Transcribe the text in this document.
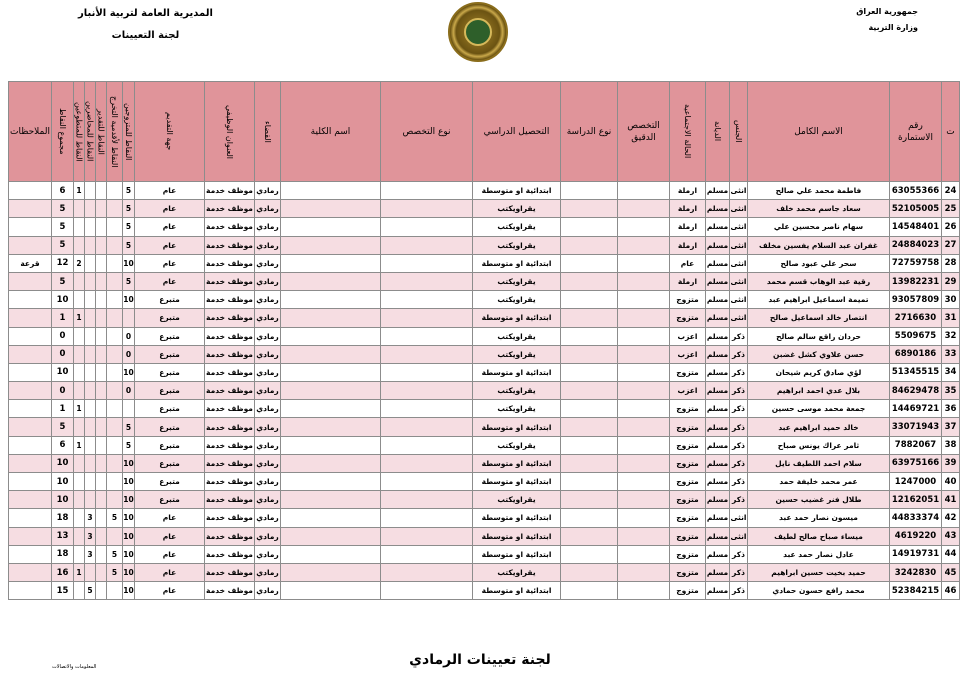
جمهورية العراق
وزارة التربية
المديرية العامة لتربية الأنبار
لجنة التعيينات
ت	رقم الاستمارة	الاسم الكامل	الجنس	الديانة	الحالة الاجتماعية	التخصص الدقيق	نوع الدراسة	التحصيل الدراسي	نوع التخصص	اسم الكلية	القضاء	العنوان الوظيفي	جهة التقديم	النقاط للمتزوجين	النقاط لأقدمية التخرج	النقاط للتقدير	النقاط للمحاضرين	النقاط للمتطوعين	مجموع النقاط	الملاحظات
24	63055366	فاطمة محمد علي صالح	انثى	مسلم	ارملة			ابتدائية او متوسطة			رمادي	موظف خدمة	عام	5				1	6	
25	52105005	سعاد جاسم محمد خلف	انثى	مسلم	ارملة			يقراويكتب			رمادي	موظف خدمة	عام	5					5	
26	14548401	سهام ناصر محسين علي	انثى	مسلم	ارملة			يقراويكتب			رمادي	موظف خدمة	عام	5					5	
27	24884023	غفران عبد السلام يفسين مخلف	انثى	مسلم	ارملة			يقراويكتب			رمادي	موظف خدمة	عام	5					5	
28	72759758	سحر علي عبود صالح	انثى	مسلم	عام			ابتدائية او متوسطة			رمادي	موظف خدمة	عام	10				2	12	قرعة
29	13982231	رقية عبد الوهاب قسم محمد	انثى	مسلم	ارملة			يقراويكتب			رمادي	موظف خدمة	عام	5					5	
30	93057809	تميمة اسماعيل ابراهيم عبد	انثى	مسلم	متزوج			يقراويكتب			رمادي	موظف خدمة	متبرع	10					10	
31	2716630	انتصار خالد اسماعيل صالح	انثى	مسلم	متزوج			ابتدائية او متوسطة			رمادي	موظف خدمة	متبرع					1	1	
32	5509675	حردان راقع سالم صالح	ذكر	مسلم	اعزب			يقراويكتب			رمادي	موظف خدمة	متبرع	0					0	
33	6890186	حسن علاوي كشل غضبن	ذكر	مسلم	اعزب			يقراويكتب			رمادي	موظف خدمة	متبرع	0					0	
34	51345515	لؤي صادق كريم شيحان	ذكر	مسلم	متزوج			ابتدائية او متوسطة			رمادي	موظف خدمة	متبرع	10					10	
35	84629478	بلال عدي احمد ابراهيم	ذكر	مسلم	اعزب			يقراويكتب			رمادي	موظف خدمة	متبرع	0					0	
36	14469721	جمعة محمد موسى حسين	ذكر	مسلم	متزوج			يقراويكتب			رمادي	موظف خدمة	متبرع					1	1	
37	33071943	خالد حميد ابراهيم عبد	ذكر	مسلم	متزوج			ابتدائية او متوسطة			رمادي	موظف خدمة	متبرع	5					5	
38	7882067	ثامر عراك يونس صباح	ذكر	مسلم	متزوج			يقراويكتب			رمادي	موظف خدمة	متبرع	5				1	6	
39	63975166	سلام احمد اللطيف نايل	ذكر	مسلم	متزوج			ابتدائية او متوسطة			رمادي	موظف خدمة	متبرع	10					10	
40	1247000	عمر محمد خليفة حمد	ذكر	مسلم	متزوج			ابتدائية او متوسطة			رمادي	موظف خدمة	متبرع	10					10	
41	12162051	طلال فنر غضيب حسين	ذكر	مسلم	متزوج			يقراويكتب			رمادي	موظف خدمة	متبرع	10					10	
42	44833374	ميسون نصار حمد عبد	انثى	مسلم	متزوج			ابتدائية او متوسطة			رمادي	موظف خدمة	عام	10	5		3		18	
43	4619220	ميساء صباح صالح لطيف	انثى	مسلم	متزوج			ابتدائية او متوسطة			رمادي	موظف خدمة	عام	10			3		13	
44	14919731	عادل نصار حمد عبد	ذكر	مسلم	متزوج			ابتدائية او متوسطة			رمادي	موظف خدمة	عام	10	5		3		18	
45	3242830	حميد بخيت حسين ابراهيم	ذكر	مسلم	متزوج			يقراويكتب			رمادي	موظف خدمة	عام	10	5			1	16	
46	52384215	محمد رافع حسون حمادي	ذكر	مسلم	متزوج			ابتدائية او متوسطة			رمادي	موظف خدمة	عام	10			5		15	
لجنة تعيينات الرمادي
المعلومات والاتصالات
